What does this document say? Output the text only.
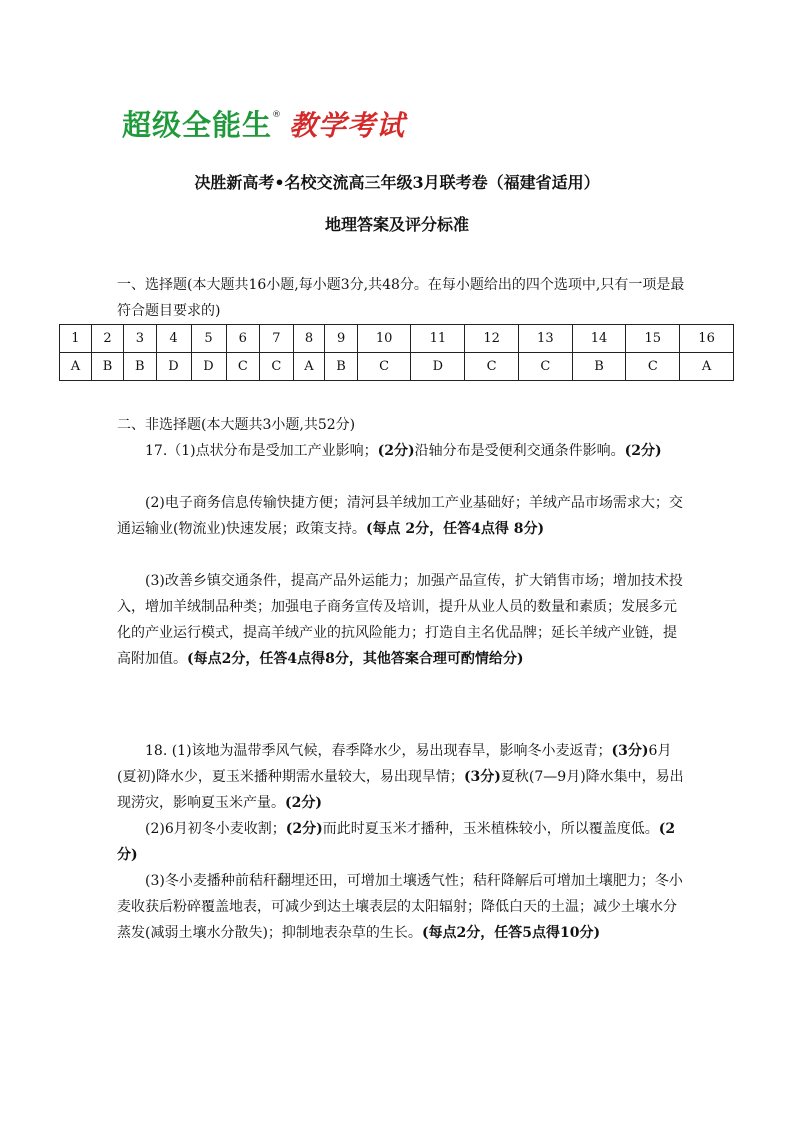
超级全能生 ® 教学考试
决胜新高考•名校交流高三年级3月联考卷（福建省适用）
地理答案及评分标准

一、选择题(本大题共16小题,每小题3分,共48分。在每小题给出的四个选项中,只有一项是最符合题目要求的)

1	2	3	4	5	6	7	8	9	10	11	12	13	14	15	16
A	B	B	D	D	C	C	A	B	C	D	C	C	B	C	A

二、非选择题(本大题共3小题,共52分)

17.（1)点状分布是受加工产业影响；(2分)沿轴分布是受便利交通条件影响。(2分)

(2)电子商务信息传输快捷方便；清河县羊绒加工产业基础好；羊绒产品市场需求大；交通运输业(物流业)快速发展；政策支持。(每点 2分，任答4点得 8分)

(3)改善乡镇交通条件，提高产品外运能力；加强产品宣传，扩大销售市场；增加技术投入，增加羊绒制品种类；加强电子商务宣传及培训，提升从业人员的数量和素质；发展多元化的产业运行模式，提高羊绒产业的抗风险能力；打造自主名优品牌；延长羊绒产业链，提高附加值。(每点2分，任答4点得8分，其他答案合理可酌情给分)

18. (1)该地为温带季风气候，春季降水少，易出现春旱，影响冬小麦返青；(3分)6月(夏初)降水少，夏玉米播种期需水量较大，易出现旱情；(3分)夏秋(7—9月)降水集中，易出现涝灾，影响夏玉米产量。(2分)

(2)6月初冬小麦收割；(2分)而此时夏玉米才播种，玉米植株较小，所以覆盖度低。(2分)

(3)冬小麦播种前秸秆翻埋还田，可增加土壤透气性；秸秆降解后可增加土壤肥力；冬小麦收获后粉碎覆盖地表，可减少到达土壤表层的太阳辐射；降低白天的土温；减少土壤水分蒸发(减弱土壤水分散失)；抑制地表杂草的生长。(每点2分，任答5点得10分)
